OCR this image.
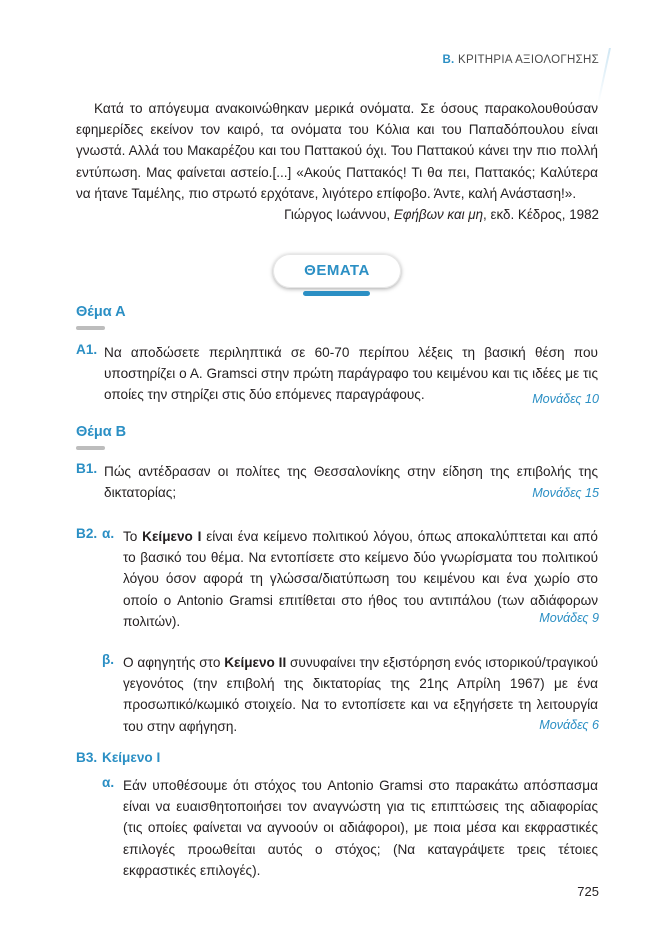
Β. ΚΡΙΤΗΡΙΑ ΑΞΙΟΛΟΓΗΣΗΣ

Κατά το απόγευμα ανακοινώθηκαν μερικά ονόματα. Σε όσους παρακολουθούσαν εφημερίδες εκείνον τον καιρό, τα ονόματα του Κόλια και του Παπαδόπουλου είναι γνωστά. Αλλά του Μακαρέζου και του Παττακού όχι. Του Παττακού κάνει την πιο πολλή εντύπωση. Μας φαίνεται αστείο.[...] «Ακούς Παττακός! Τι θα πει, Παττακός; Καλύτερα να ήτανε Ταμέλης, πιο στρωτό ερχότανε, λιγότερο επίφοβο. Άντε, καλή Ανάσταση!».

Γιώργος Ιωάννου, Εφήβων και μη, εκδ. Κέδρος, 1982
ΘΕΜΑΤΑ
Θέμα Α
Α1. Να αποδώσετε περιληπτικά σε 60-70 περίπου λέξεις τη βασική θέση που υποστηρίζει ο Α. Gramsci στην πρώτη παράγραφο του κειμένου και τις ιδέες με τις οποίες την στηρίζει στις δύο επόμενες παραγράφους.	Μονάδες 10
Θέμα Β
Β1. Πώς αντέδρασαν οι πολίτες της Θεσσαλονίκης στην είδηση της επιβολής της δικτατορίας;	Μονάδες 15
Β2. α. Το Κείμενο Ι είναι ένα κείμενο πολιτικού λόγου, όπως αποκαλύπτεται και από το βασικό του θέμα. Να εντοπίσετε στο κείμενο δύο γνωρίσματα του πολιτικού λόγου όσον αφορά τη γλώσσα/διατύπωση του κειμένου και ένα χωρίο στο οποίο ο Antonio Gramsi επιτίθεται στο ήθος του αντιπάλου (των αδιάφορων πολιτών).	Μονάδες 9
β. Ο αφηγητής στο Κείμενο ΙΙ συνυφαίνει την εξιστόρηση ενός ιστορικού/τραγικού γεγονότος (την επιβολή της δικτατορίας της 21ης Απρίλη 1967) με ένα προσωπικό/κωμικό στοιχείο. Να το εντοπίσετε και να εξηγήσετε τη λειτουργία του στην αφήγηση.	Μονάδες 6
Β3. Κείμενο Ι
α. Εάν υποθέσουμε ότι στόχος του Antonio Gramsi στο παρακάτω απόσπασμα είναι να ευαισθητοποιήσει τον αναγνώστη για τις επιπτώσεις της αδιαφορίας (τις οποίες φαίνεται να αγνοούν οι αδιάφοροι), με ποια μέσα και εκφραστικές επιλογές προωθείται αυτός ο στόχος; (Να καταγράψετε τρεις τέτοιες εκφραστικές επιλογές).
725
